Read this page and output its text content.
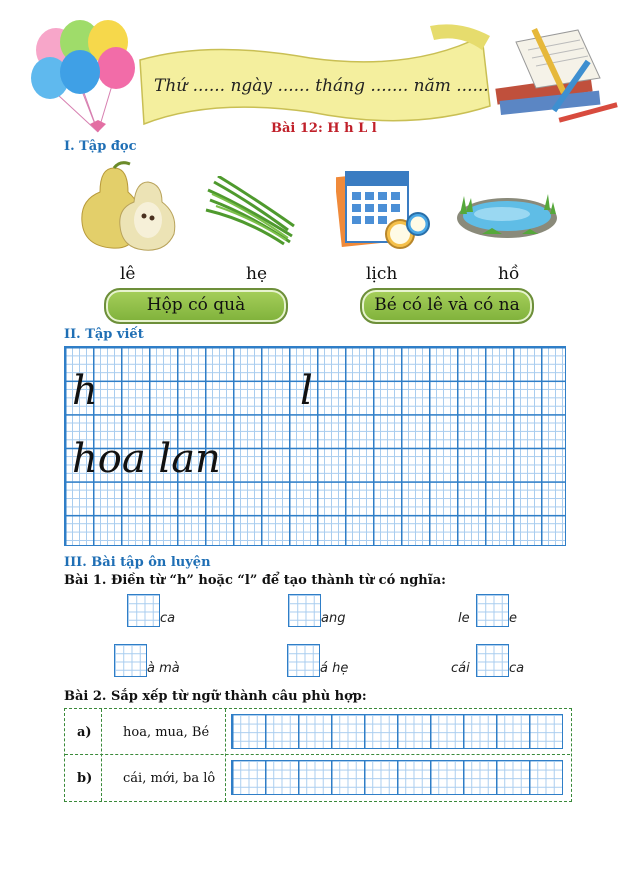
Thứ ...... ngày ...... tháng ....... năm ......
Bài 12: H h L l
I. Tập đọc
lê	hẹ	lịch	hồ
Hộp có quà	Bé có lê và có na
II. Tập viết
h	l
hoa lan
III. Bài tập ôn luyện
Bài 1. Điền từ “h” hoặc “l” để tạo thành từ có nghĩa:
ca	ang	le	e
à mà	á hẹ	cái	ca
Bài 2. Sắp xếp từ ngữ thành câu phù hợp:
a) hoa, mua, Bé
b) cái, mới, ba lô
